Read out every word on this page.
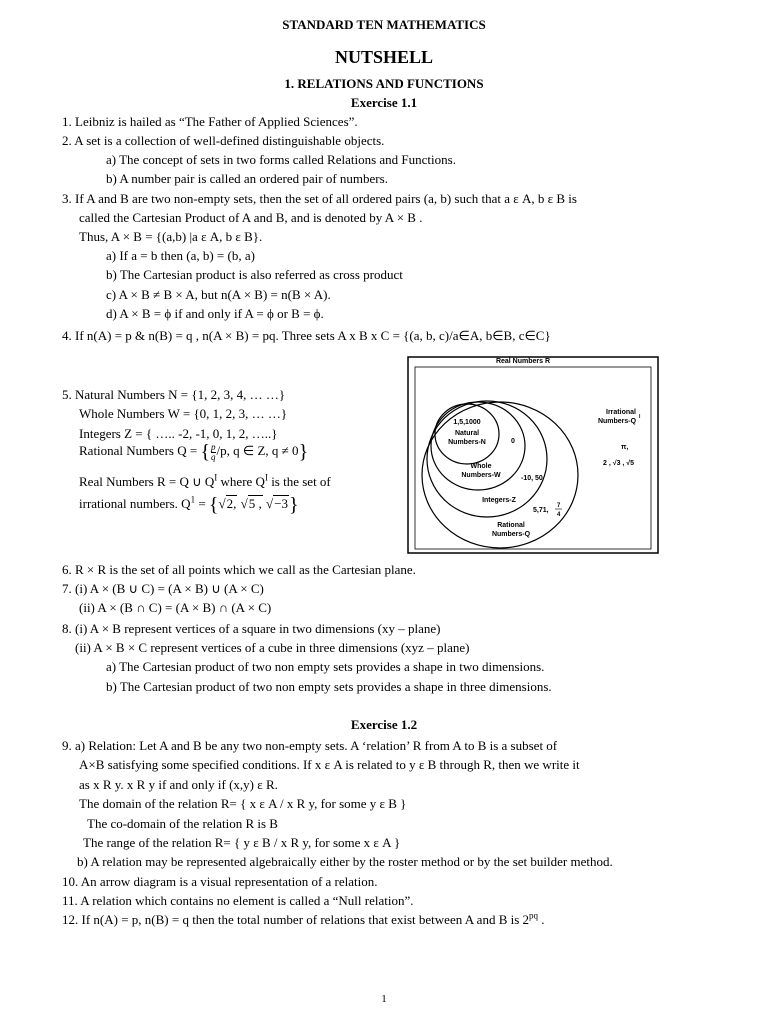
STANDARD TEN MATHEMATICS
NUTSHELL
1. RELATIONS AND FUNCTIONS
Exercise 1.1
1. Leibniz is hailed as “The Father of Applied Sciences”.
2. A set is a collection of well-defined distinguishable objects.
a) The concept of sets in two forms called Relations and Functions.
b) A number pair is called an ordered pair of numbers.
3. If A and B are two non-empty sets, then the set of all ordered pairs (a, b) such that a ε A, b ε B is
called the Cartesian Product of A and B, and is denoted by A × B .
Thus, A × B = {(a,b) |a ε A, b ε B}.
a) If a = b then (a, b) = (b, a)
b) The Cartesian product is also referred as cross product
c) A × B ≠ B × A, but n(A × B) = n(B × A).
d) A × B = ϕ if and only if A = ϕ or B = ϕ.
4. If n(A) = p & n(B) = q , n(A × B) = pq. Three sets A x B x C = {(a, b, c)/a∈A, b∈B, c∈C}
5. Natural Numbers N = {1, 2, 3, 4, … …}
Whole Numbers W = {0, 1, 2, 3, … …}
Integers Z = { ….. -2, -1, 0, 1, 2, …..}
Rational Numbers Q = { $\frac{p}{q} /p$, q ∈ Z, q ≠ 0}
Real Numbers R = Q ∪ $Q^I$ where $Q^I$ is the set of
irrational numbers. $Q^1 = \{√2$, √5 , √−3}
Real Numbers R
1,5,1000
Natural
Numbers-N	0
Whole
Numbers-W	-10, 50
Integers-Z
5,71,
7
4
Rational
Numbers-Q
Irrational
Numbers-Q
I
π,
2 , √3 , √5
6. R × R is the set of all points which we call as the Cartesian plane.
7. (i) A × (B ∪ C) = (A × B) ∪ (A × C)
(ii) A × (B ∩ C) = (A × B) ∩ (A × C)
8. (i) A × B represent vertices of a square in two dimensions (xy – plane)
(ii) A × B × C represent vertices of a cube in three dimensions (xyz – plane)
a) The Cartesian product of two non empty sets provides a shape in two dimensions.
b) The Cartesian product of two non empty sets provides a shape in three dimensions.
Exercise 1.2
9. a) Relation: Let A and B be any two non-empty sets. A ‘relation’ R from A to B is a subset of
A×B satisfying some specified conditions. If x ε A is related to y ε B through R, then we write it
as x R y. x R y if and only if (x,y) ε R.
The domain of the relation R= { x ε A / x R y, for some y ε B }
The co-domain of the relation R is B
The range of the relation R= { y ε B / x R y, for some x ε A }
b) A relation may be represented algebraically either by the roster method or by the set builder method.
10. An arrow diagram is a visual representation of a relation.
11. A relation which contains no element is called a “Null relation”.
12. If n(A) = p, n(B) = q then the total number of relations that exist between A and B is $2^{pq}$ .
1
